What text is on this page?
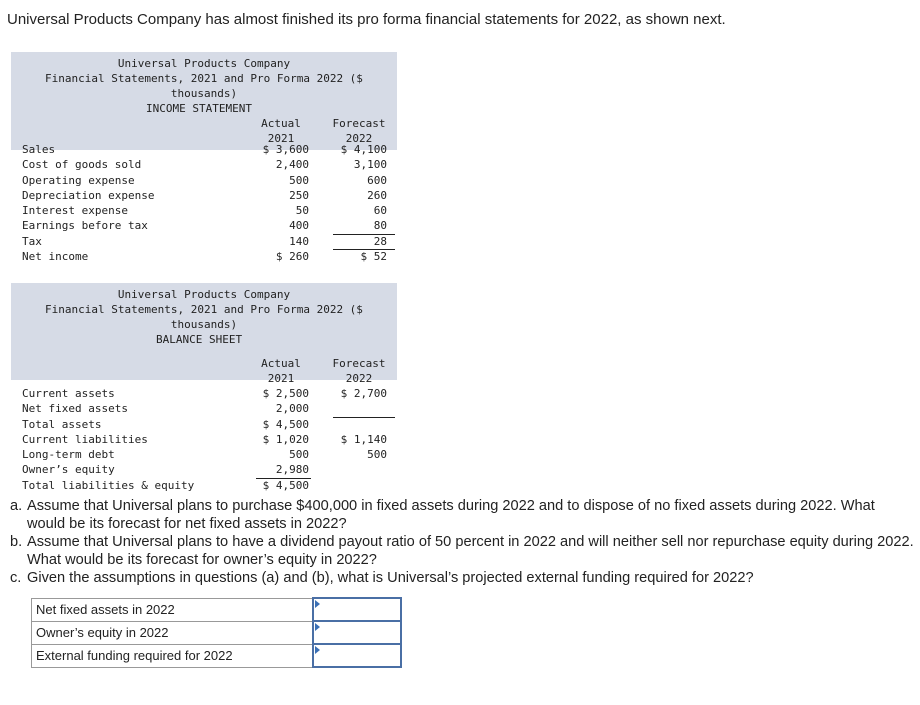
Universal Products Company has almost finished its pro forma financial statements for 2022, as shown next.
Universal Products Company
Financial Statements, 2021 and Pro Forma 2022 ($
thousands)
INCOME STATEMENT
Actual
2021
Forecast
2022
Sales	$ 3,600	$ 4,100
Cost of goods sold	2,400	3,100
Operating expense	500	600
Depreciation expense	250	260
Interest expense	50	60
Earnings before tax	400	80
Tax	140	28
Net income	$ 260	$ 52
Universal Products Company
Financial Statements, 2021 and Pro Forma 2022 ($
thousands)
BALANCE SHEET
Actual
2021
Forecast
2022
Current assets	$ 2,500	$ 2,700
Net fixed assets	2,000
Total assets	$ 4,500
Current liabilities	$ 1,020	$ 1,140
Long-term debt	500	500
Owner’s equity	2,980
Total liabilities & equity	$ 4,500
a. Assume that Universal plans to purchase $400,000 in fixed assets during 2022 and to dispose of no fixed assets during 2022. What would be its forecast for net fixed assets in 2022?
b. Assume that Universal plans to have a dividend payout ratio of 50 percent in 2022 and will neither sell nor repurchase equity during 2022. What would be its forecast for owner’s equity in 2022?
c. Given the assumptions in questions (a) and (b), what is Universal’s projected external funding required for 2022?
Net fixed assets in 2022	

Owner’s equity in 2022	

External funding required for 2022	
